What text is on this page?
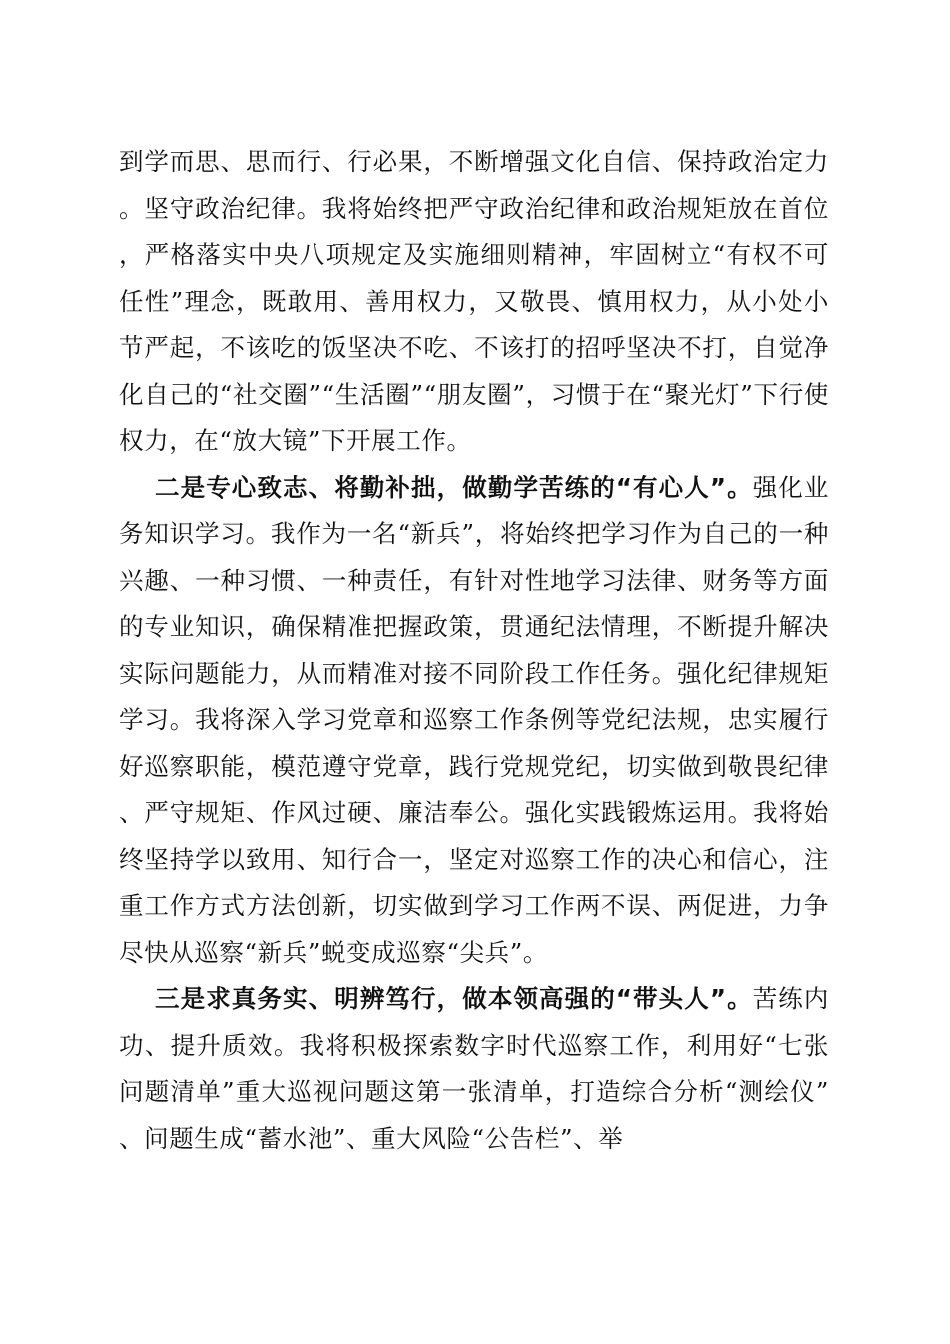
到学而思、思而行、行必果，不断增强文化自信、保持政治定力。坚守政治纪律。我将始终把严守政治纪律和政治规矩放在首位，严格落实中央八项规定及实施细则精神，牢固树立“有权不可任性”理念，既敢用、善用权力，又敬畏、慎用权力，从小处小节严起，不该吃的饭坚决不吃、不该打的招呼坚决不打，自觉净化自己的“社交圈”“生活圈”“朋友圈”，习惯于在“聚光灯”下行使权力，在“放大镜”下开展工作。

二是专心致志、将勤补拙，做勤学苦练的“有心人”。强化业务知识学习。我作为一名“新兵”，将始终把学习作为自己的一种兴趣、一种习惯、一种责任，有针对性地学习法律、财务等方面的专业知识，确保精准把握政策，贯通纪法情理，不断提升解决实际问题能力，从而精准对接不同阶段工作任务。强化纪律规矩学习。我将深入学习党章和巡察工作条例等党纪法规，忠实履行好巡察职能，模范遵守党章，践行党规党纪，切实做到敬畏纪律、严守规矩、作风过硬、廉洁奉公。强化实践锻炼运用。我将始终坚持学以致用、知行合一，坚定对巡察工作的决心和信心，注重工作方式方法创新，切实做到学习工作两不误、两促进，力争尽快从巡察“新兵”蜕变成巡察“尖兵”。

三是求真务实、明辨笃行，做本领高强的“带头人”。苦练内功、提升质效。我将积极探索数字时代巡察工作，利用好“七张问题清单”重大巡视问题这第一张清单，打造综合分析“测绘仪”、问题生成“蓄水池”、重大风险“公告栏”、举
